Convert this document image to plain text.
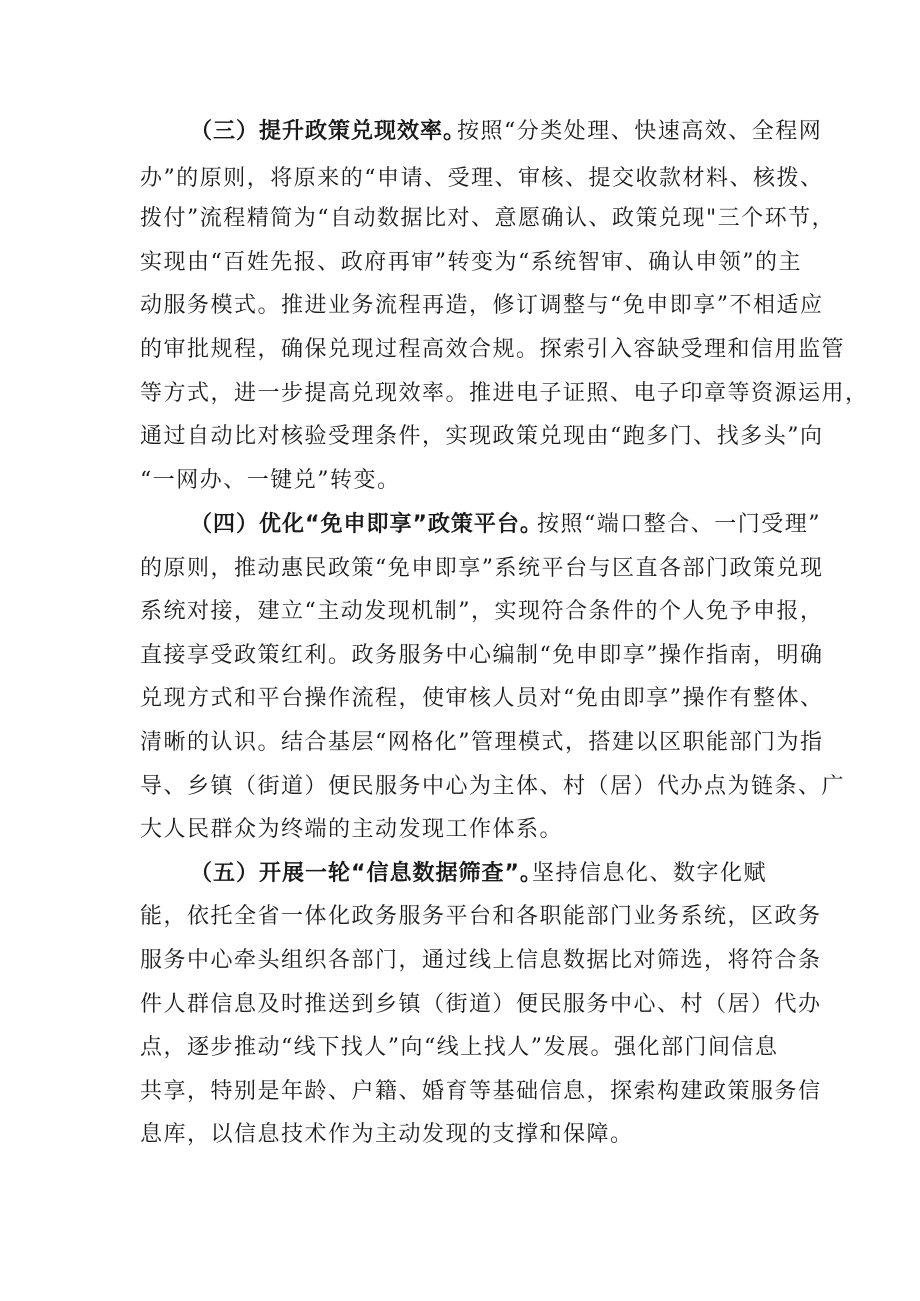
（三）提升政策兑现效率。
按照“分类处理、快速高效、全程网
办”的原则，将原来的“申请、受理、审核、提交收款材料、核拨、
拨付”流程精简为“自动数据比对、意愿确认、政策兑现"三个环节，
实现由“百姓先报、政府再审”转变为“系统智审、确认申领”的主
动服务模式。推进业务流程再造，修订调整与“免申即享”不相适应
的审批规程，确保兑现过程高效合规。探索引入容缺受理和信用监管
等方式，进一步提高兑现效率。推进电子证照、电子印章等资源运用，
通过自动比对核验受理条件，实现政策兑现由“跑多门、找多头”向
“一网办、一键兑”转变。
（四）优化“免申即享”政策平台。
按照“端口整合、一门受理”
的原则，推动惠民政策“免申即享”系统平台与区直各部门政策兑现
系统对接，建立“主动发现机制”，实现符合条件的个人免予申报，
直接享受政策红利。政务服务中心编制“免申即享”操作指南，明确
兑现方式和平台操作流程，使审核人员对“免由即享”操作有整体、
清晰的认识。结合基层“网格化”管理模式，搭建以区职能部门为指
导、乡镇（街道）便民服务中心为主体、村（居）代办点为链条、广
大人民群众为终端的主动发现工作体系。
（五）开展一轮“信息数据筛查”。
坚持信息化、数字化赋
能，依托全省一体化政务服务平台和各职能部门业务系统，区政务
服务中心牵头组织各部门，通过线上信息数据比对筛选，将符合条
件人群信息及时推送到乡镇（街道）便民服务中心、村（居）代办
点，逐步推动“线下找人”向“线上找人”发展。强化部门间信息
共享，特别是年龄、户籍、婚育等基础信息，探索构建政策服务信
息库，以信息技术作为主动发现的支撑和保障。
